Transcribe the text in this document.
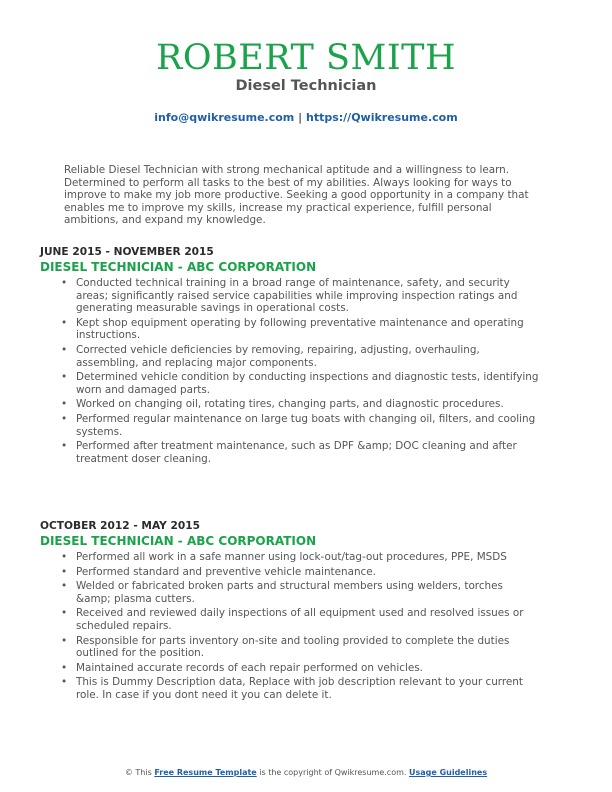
ROBERT SMITH
Diesel Technician
info@qwikresume.com | https://Qwikresume.com

Reliable Diesel Technician with strong mechanical aptitude and a willingness to learn. Determined to perform all tasks to the best of my abilities. Always looking for ways to improve to make my job more productive. Seeking a good opportunity in a company that enables me to improve my skills, increase my practical experience, fulfill personal ambitions, and expand my knowledge.

JUNE 2015 - NOVEMBER 2015
DIESEL TECHNICIAN - ABC CORPORATION
• Conducted technical training in a broad range of maintenance, safety, and security areas; significantly raised service capabilities while improving inspection ratings and generating measurable savings in operational costs.
• Kept shop equipment operating by following preventative maintenance and operating instructions.
• Corrected vehicle deficiencies by removing, repairing, adjusting, overhauling, assembling, and replacing major components.
• Determined vehicle condition by conducting inspections and diagnostic tests, identifying worn and damaged parts.
• Worked on changing oil, rotating tires, changing parts, and diagnostic procedures.
• Performed regular maintenance on large tug boats with changing oil, filters, and cooling systems.
• Performed after treatment maintenance, such as DPF &amp; DOC cleaning and after treatment doser cleaning.
OCTOBER 2012 - MAY 2015
DIESEL TECHNICIAN - ABC CORPORATION
• Performed all work in a safe manner using lock-out/tag-out procedures, PPE, MSDS
• Performed standard and preventive vehicle maintenance.
• Welded or fabricated broken parts and structural members using welders, torches &amp; plasma cutters.
• Received and reviewed daily inspections of all equipment used and resolved issues or scheduled repairs.
• Responsible for parts inventory on-site and tooling provided to complete the duties outlined for the position.
• Maintained accurate records of each repair performed on vehicles.
• This is Dummy Description data, Replace with job description relevant to your current role. In case if you dont need it you can delete it.
© This Free Resume Template is the copyright of Qwikresume.com. Usage Guidelines
